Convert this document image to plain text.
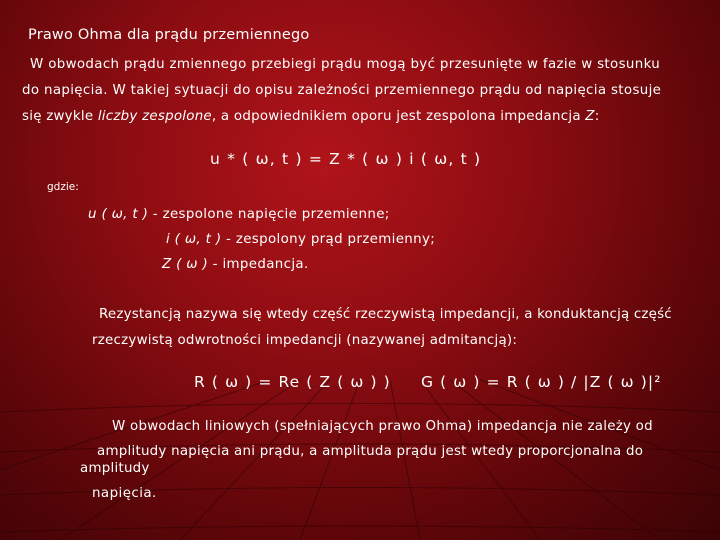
Prawo Ohma dla prądu przemiennego
W obwodach prądu zmiennego przebiegi prądu mogą być przesunięte w fazie w stosunku
do napięcia. W takiej sytuacji do opisu zależności przemiennego prądu od napięcia stosuje
się zwykle liczby zespolone, a odpowiednikiem oporu jest zespolona impedancja Z:
u * ( ω, t ) = Z * ( ω ) i ( ω, t )
gdzie:
u ( ω, t ) - zespolone napięcie przemienne;
i ( ω, t ) - zespolony prąd przemienny;
Z ( ω ) - impedancja.
Rezystancją nazywa się wtedy część rzeczywistą impedancji, a konduktancją część
rzeczywistą odwrotności impedancji (nazywanej admitancją):
R ( ω ) = Re ( Z ( ω ) ) G ( ω ) = R ( ω ) / |Z ( ω )|²
W obwodach liniowych (spełniających prawo Ohma) impedancja nie zależy od
amplitudy napięcia ani prądu, a amplituda prądu jest wtedy proporcjonalna do
amplitudy
napięcia.
